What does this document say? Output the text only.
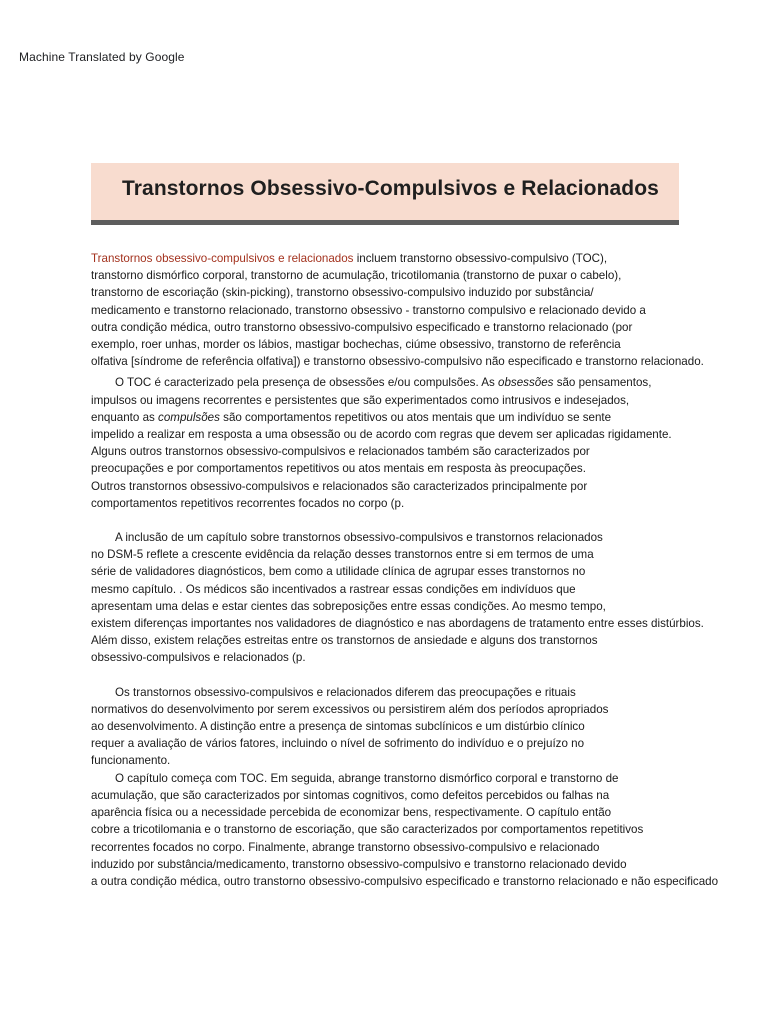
Machine Translated by Google
Transtornos Obsessivo-Compulsivos e Relacionados
Transtornos obsessivo-compulsivos e relacionados incluem transtorno obsessivo-compulsivo (TOC),
transtorno dismórfico corporal, transtorno de acumulação, tricotilomania (transtorno de puxar o cabelo),
transtorno de escoriação (skin-picking), transtorno obsessivo-compulsivo induzido por substância/
medicamento e transtorno relacionado, transtorno obsessivo - transtorno compulsivo e relacionado devido a
outra condição médica, outro transtorno obsessivo-compulsivo especificado e transtorno relacionado (por
exemplo, roer unhas, morder os lábios, mastigar bochechas, ciúme obsessivo, transtorno de referência
olfativa [síndrome de referência olfativa]) e transtorno obsessivo-compulsivo não especificado e transtorno relacionado.
O TOC é caracterizado pela presença de obsessões e/ou compulsões. As obsessões são pensamentos,
impulsos ou imagens recorrentes e persistentes que são experimentados como intrusivos e indesejados,
enquanto as compulsões são comportamentos repetitivos ou atos mentais que um indivíduo se sente
impelido a realizar em resposta a uma obsessão ou de acordo com regras que devem ser aplicadas rigidamente.
Alguns outros transtornos obsessivo-compulsivos e relacionados também são caracterizados por
preocupações e por comportamentos repetitivos ou atos mentais em resposta às preocupações.
Outros transtornos obsessivo-compulsivos e relacionados são caracterizados principalmente por
comportamentos repetitivos recorrentes focados no corpo (p.
A inclusão de um capítulo sobre transtornos obsessivo-compulsivos e transtornos relacionados
no DSM-5 reflete a crescente evidência da relação desses transtornos entre si em termos de uma
série de validadores diagnósticos, bem como a utilidade clínica de agrupar esses transtornos no
mesmo capítulo. . Os médicos são incentivados a rastrear essas condições em indivíduos que
apresentam uma delas e estar cientes das sobreposições entre essas condições. Ao mesmo tempo,
existem diferenças importantes nos validadores de diagnóstico e nas abordagens de tratamento entre esses distúrbios.
Além disso, existem relações estreitas entre os transtornos de ansiedade e alguns dos transtornos
obsessivo-compulsivos e relacionados (p.
Os transtornos obsessivo-compulsivos e relacionados diferem das preocupações e rituais
normativos do desenvolvimento por serem excessivos ou persistirem além dos períodos apropriados
ao desenvolvimento. A distinção entre a presença de sintomas subclínicos e um distúrbio clínico
requer a avaliação de vários fatores, incluindo o nível de sofrimento do indivíduo e o prejuízo no
funcionamento.
O capítulo começa com TOC. Em seguida, abrange transtorno dismórfico corporal e transtorno de
acumulação, que são caracterizados por sintomas cognitivos, como defeitos percebidos ou falhas na
aparência física ou a necessidade percebida de economizar bens, respectivamente. O capítulo então
cobre a tricotilomania e o transtorno de escoriação, que são caracterizados por comportamentos repetitivos
recorrentes focados no corpo. Finalmente, abrange transtorno obsessivo-compulsivo e relacionado
induzido por substância/medicamento, transtorno obsessivo-compulsivo e transtorno relacionado devido
a outra condição médica, outro transtorno obsessivo-compulsivo especificado e transtorno relacionado e não especificado
